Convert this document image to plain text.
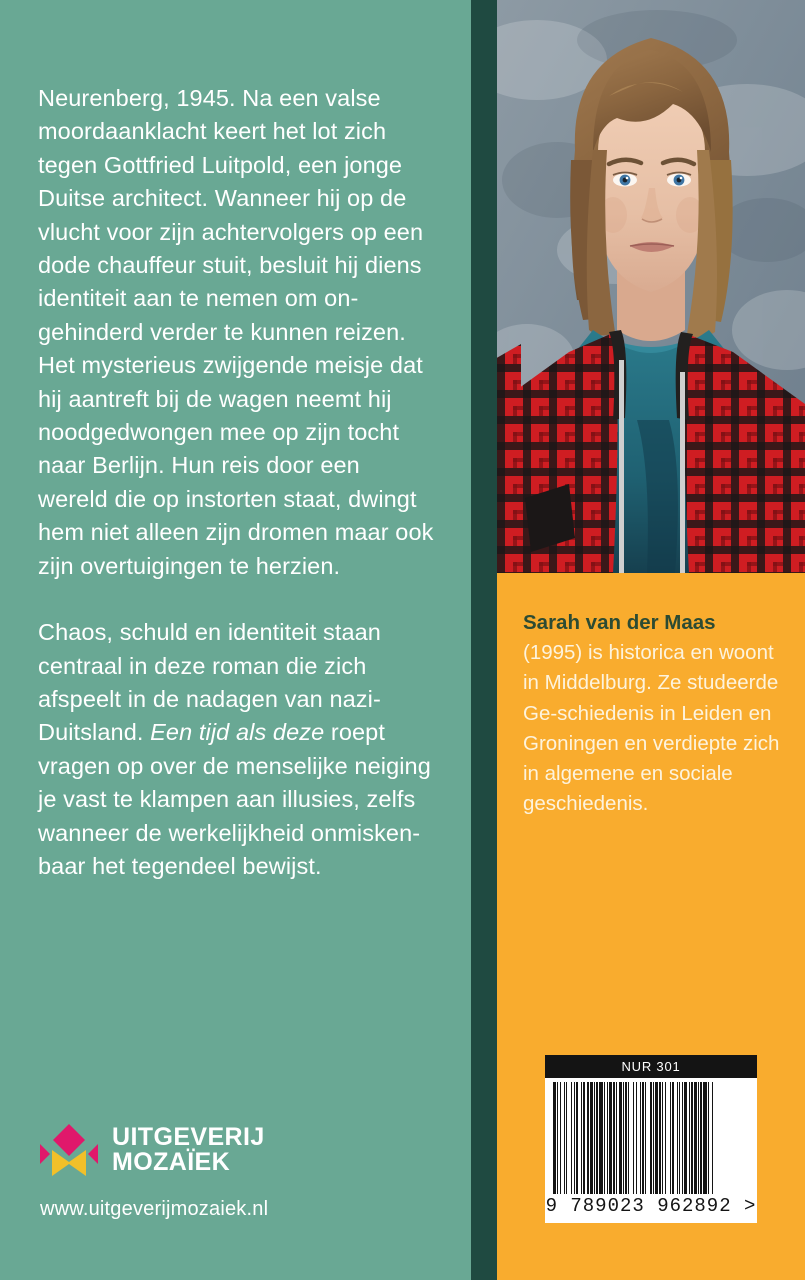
Neurenberg, 1945. Na een valse moordaanklacht keert het lot zich tegen Gottfried Luitpold, een jonge Duitse architect. Wanneer hij op de vlucht voor zijn achtervolgers op een dode chauffeur stuit, besluit hij diens identiteit aan te nemen om on-gehinderd verder te kunnen reizen. Het mysterieus zwijgende meisje dat hij aantreft bij de wagen neemt hij noodgedwongen mee op zijn tocht naar Berlijn. Hun reis door een wereld die op instorten staat, dwingt hem niet alleen zijn dromen maar ook zijn overtuigingen te herzien.

Chaos, schuld en identiteit staan centraal in deze roman die zich afspeelt in de nadagen van nazi-Duitsland. Een tijd als deze roept vragen op over de menselijke neiging je vast te klampen aan illusies, zelfs wanneer de werkelijkheid onmisken-baar het tegendeel bewijst.

Sarah van der Maas
(1995) is historica en woont in Middelburg. Ze studeerde Ge-schiedenis in Leiden en Groningen en verdiepte zich in algemene en sociale geschiedenis.

NUR 301
9 789023 962892 >
UITGEVERIJ
MOZAÏEK
www.uitgeverijmozaiek.nl
